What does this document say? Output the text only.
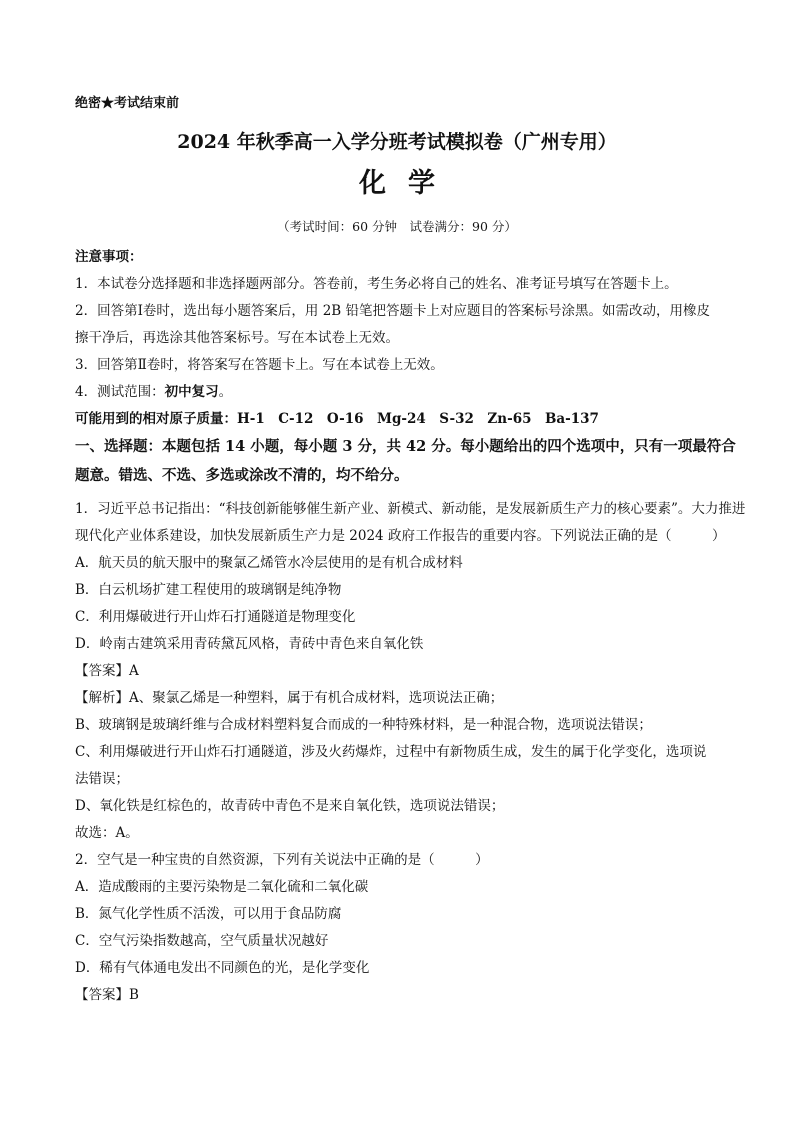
绝密★考试结束前
2024 年秋季高一入学分班考试模拟卷（广州专用）
化学
（考试时间：60 分钟　试卷满分：90 分）
注意事项：
1．本试卷分选择题和非选择题两部分。答卷前，考生务必将自己的姓名、准考证号填写在答题卡上。
2．回答第Ⅰ卷时，选出每小题答案后，用 2B 铅笔把答题卡上对应题目的答案标号涂黑。如需改动，用橡皮
擦干净后，再选涂其他答案标号。写在本试卷上无效。
3．回答第Ⅱ卷时，将答案写在答题卡上。写在本试卷上无效。
4．测试范围：初中复习。
可能用到的相对原子质量：H-1　C-12　O-16　Mg-24　S-32　Zn-65　Ba-137
一、选择题：本题包括 14 小题，每小题 3 分，共 42 分。每小题给出的四个选项中，只有一项最符合
题意。错选、不选、多选或涂改不清的，均不给分。
1．习近平总书记指出：“科技创新能够催生新产业、新模式、新动能，是发展新质生产力的核心要素”。大力推进
现代化产业体系建设，加快发展新质生产力是 2024 政府工作报告的重要内容。下列说法正确的是（　　　）
A．航天员的航天服中的聚氯乙烯管水冷层使用的是有机合成材料
B．白云机场扩建工程使用的玻璃钢是纯净物
C．利用爆破进行开山炸石打通隧道是物理变化
D．岭南古建筑采用青砖黛瓦风格，青砖中青色来自氧化铁
【答案】A
【解析】A、聚氯乙烯是一种塑料，属于有机合成材料，选项说法正确；
B、玻璃钢是玻璃纤维与合成材料塑料复合而成的一种特殊材料，是一种混合物，选项说法错误；
C、利用爆破进行开山炸石打通隧道，涉及火药爆炸，过程中有新物质生成，发生的属于化学变化，选项说
法错误；
D、氧化铁是红棕色的，故青砖中青色不是来自氧化铁，选项说法错误；
故选：A。
2．空气是一种宝贵的自然资源，下列有关说法中正确的是（　　　）
A．造成酸雨的主要污染物是二氧化硫和二氧化碳
B．氮气化学性质不活泼，可以用于食品防腐
C．空气污染指数越高，空气质量状况越好
D．稀有气体通电发出不同颜色的光，是化学变化
【答案】B
